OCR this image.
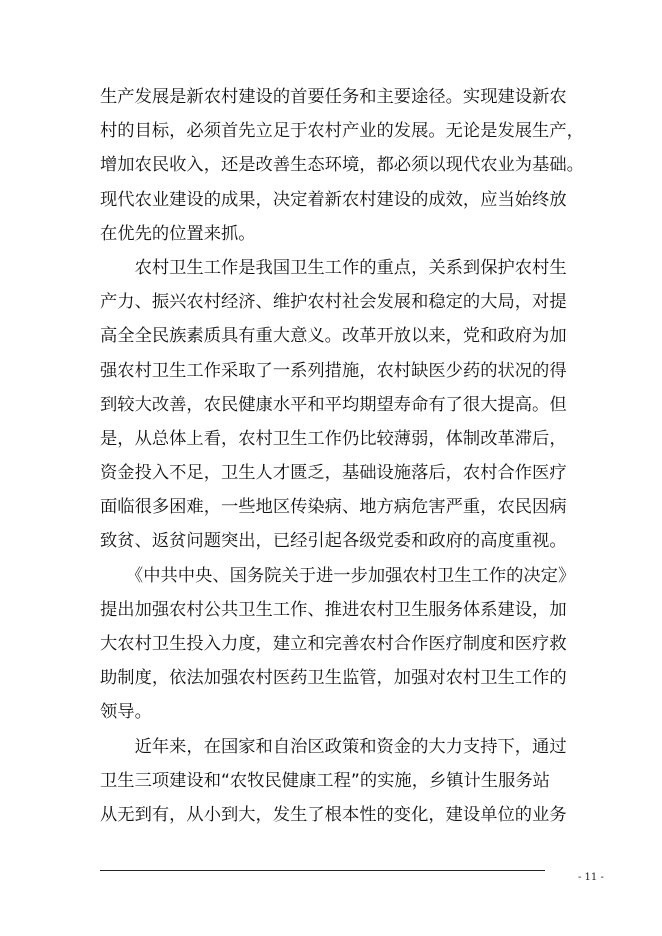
生产发展是新农村建设的首要任务和主要途径。实现建设新农
村的目标，必须首先立足于农村产业的发展。无论是发展生产，
增加农民收入，还是改善生态环境，都必须以现代农业为基础。
现代农业建设的成果，决定着新农村建设的成效，应当始终放
在优先的位置来抓。
　　农村卫生工作是我国卫生工作的重点，关系到保护农村生
产力、振兴农村经济、维护农村社会发展和稳定的大局，对提
高全全民族素质具有重大意义。改革开放以来，党和政府为加
强农村卫生工作采取了一系列措施，农村缺医少药的状况的得
到较大改善，农民健康水平和平均期望寿命有了很大提高。但
是，从总体上看，农村卫生工作仍比较薄弱，体制改革滞后，
资金投入不足，卫生人才匮乏，基础设施落后，农村合作医疗
面临很多困难，一些地区传染病、地方病危害严重，农民因病
致贫、返贫问题突出，已经引起各级党委和政府的高度重视。
　　《中共中央、国务院关于进一步加强农村卫生工作的决定》
提出加强农村公共卫生工作、推进农村卫生服务体系建设，加
大农村卫生投入力度，建立和完善农村合作医疗制度和医疗救
助制度，依法加强农村医药卫生监管，加强对农村卫生工作的
领导。
　　近年来，在国家和自治区政策和资金的大力支持下，通过
卫生三项建设和“农牧民健康工程”的实施，乡镇计生服务站
从无到有，从小到大，发生了根本性的变化，建设单位的业务
- 11 -
